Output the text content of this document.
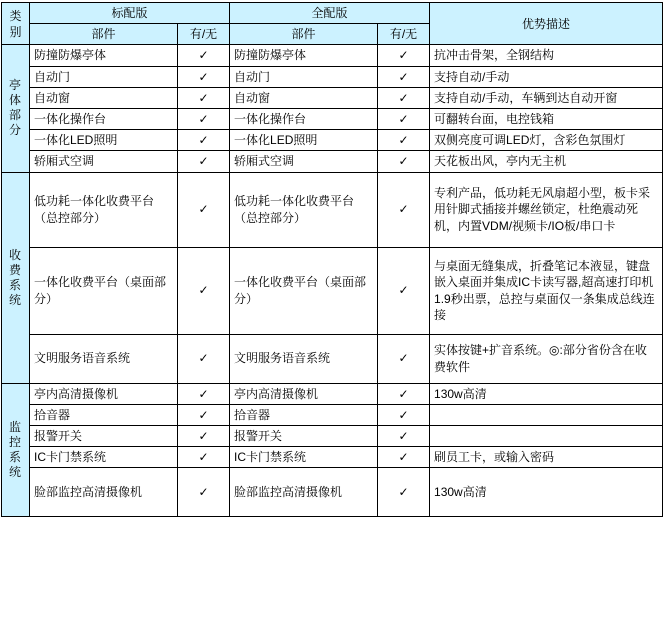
类 别	标配版		全配版		优势描述
	部件	有/无	部件	有/无	

亭
体
部
分	防撞防爆亭体	✓	防撞防爆亭体	✓	抗冲击骨架，全钢结构
	自动门	✓	自动门	✓	支持自动/手动
	自动窗	✓	自动窗	✓	支持自动/手动，车辆到达自动开窗
	一体化操作台	✓	一体化操作台	✓	可翻转台面，电控钱箱
	一体化LED照明	✓	一体化LED照明	✓	双侧亮度可调LED灯，含彩色氛围灯
	轿厢式空调	✓	轿厢式空调	✓	天花板出风，亭内无主机

收
费
系
统	低功耗一体化收费平台（总控部分）	✓	低功耗一体化收费平台（总控部分）	✓	专利产品，低功耗无风扇超小型，板卡采用针脚式插接并螺丝锁定，杜绝震动死机，内置VDM/视频卡/IO板/串口卡
	一体化收费平台（桌面部分）	✓	一体化收费平台（桌面部分）	✓	与桌面无缝集成，折叠笔记本液显，键盘嵌入桌面并集成IC卡读写器,超高速打印机1.9秒出票，总控与桌面仅一条集成总线连接
	文明服务语音系统	✓	文明服务语音系统	✓	实体按键+扩音系统。◎:部分省份含在收费软件

监
控
系
统	亭内高清摄像机	✓	亭内高清摄像机	✓	130w高清
	拾音器	✓	拾音器	✓	
	报警开关	✓	报警开关	✓	
	IC卡门禁系统	✓	IC卡门禁系统	✓	刷员工卡，或输入密码
	脸部监控高清摄像机	✓	脸部监控高清摄像机	✓	130w高清
